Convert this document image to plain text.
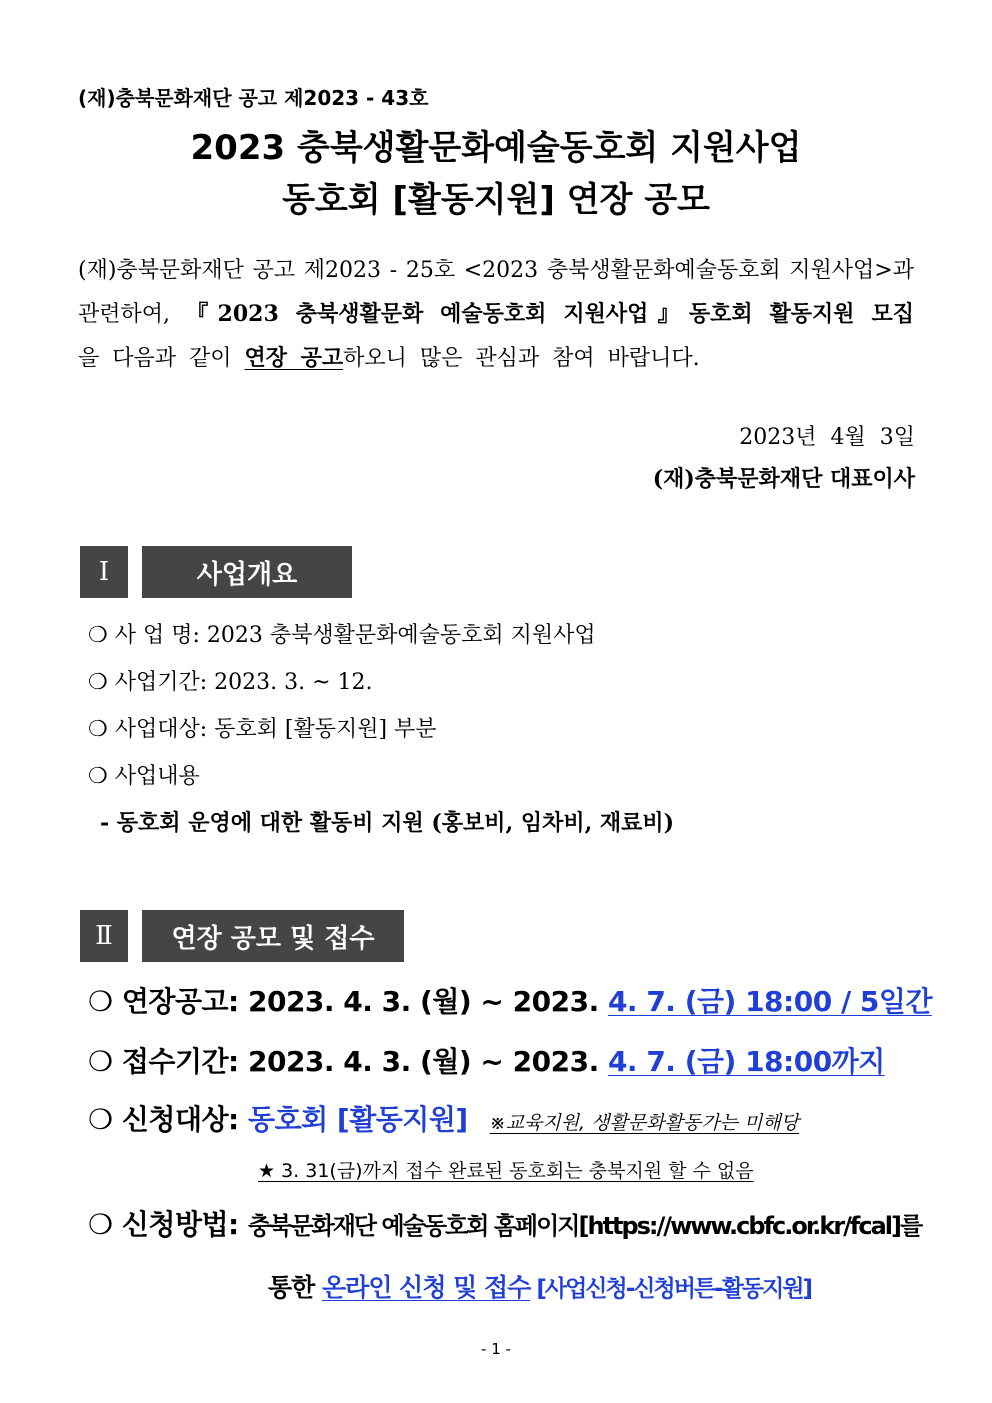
(재)충북문화재단 공고 제2023 - 43호
2023 충북생활문화예술동호회 지원사업
동호회 [활동지원] 연장 공모
(재)충북문화재단 공고 제2023 - 25호 <2023 충북생활문화예술동호회 지원사업>과
관련하여, 『2023 충북생활문화 예술동호회 지원사업』동호회 활동지원 모집
을 다음과 같이 연장 공고하오니 많은 관심과 참여 바랍니다.
2023년  4월  3일
(재)충북문화재단 대표이사
Ⅰ	사업개요
❍ 사 업 명: 2023 충북생활문화예술동호회 지원사업
❍ 사업기간: 2023. 3. ~ 12.
❍ 사업대상: 동호회 [활동지원] 부분
❍ 사업내용
- 동호회 운영에 대한 활동비 지원 (홍보비, 임차비, 재료비)
Ⅱ	연장 공모 및 접수
❍ 연장공고: 2023. 4. 3. (월) ~ 2023. 4. 7. (금) 18:00 / 5일간
❍ 접수기간: 2023. 4. 3. (월) ~ 2023. 4. 7. (금) 18:00까지
❍ 신청대상: 동호회 [활동지원] ※교육지원, 생활문화활동가는 미해당
★ 3. 31(금)까지 접수 완료된 동호회는 충북지원 할 수 없음
❍ 신청방법: 충북문화재단 예술동호회 홈페이지[https://www.cbfc.or.kr/fcal]를
통한 온라인 신청 및 접수 [사업신청-신청버튼-활동지원]
- 1 -
